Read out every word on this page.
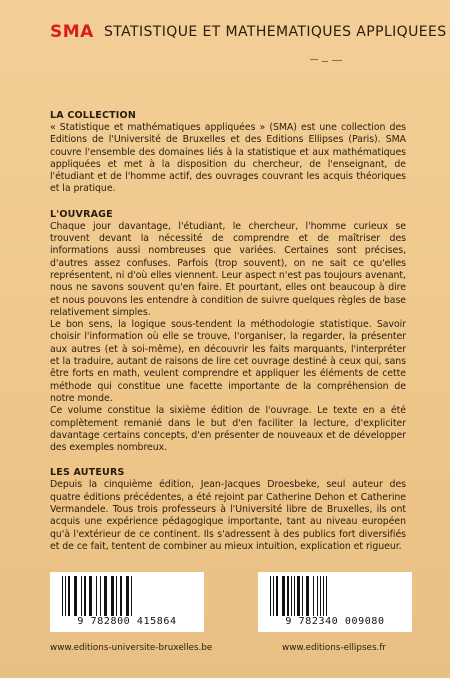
SMA STATISTIQUE ET MATHEMATIQUES APPLIQUEES
LA COLLECTION

« Statistique et mathématiques appliquées » (SMA) est une collection des Editions de l'Université de Bruxelles et des Editions Ellipses (Paris). SMA couvre l'ensemble des domaines liés à la statistique et aux mathématiques appliquées et met à la disposition du chercheur, de l'enseignant, de l'étudiant et de l'homme actif, des ouvrages couvrant les acquis théoriques et la pratique.

L'OUVRAGE

Chaque jour davantage, l'étudiant, le chercheur, l'homme curieux se trouvent devant la nécessité de comprendre et de maîtriser des informations aussi nombreuses que variées. Certaines sont précises, d'autres assez confuses. Parfois (trop souvent), on ne sait ce qu'elles représentent, ni d'où elles viennent. Leur aspect n'est pas toujours avenant, nous ne savons souvent qu'en faire. Et pourtant, elles ont beaucoup à dire et nous pouvons les entendre à condition de suivre quelques règles de base relativement simples.

Le bon sens, la logique sous-tendent la méthodologie statistique. Savoir choisir l'information où elle se trouve, l'organiser, la regarder, la présenter aux autres (et à soi-même), en découvrir les faits marquants, l'interpréter et la traduire, autant de raisons de lire cet ouvrage destiné à ceux qui, sans être forts en math, veulent comprendre et appliquer les éléments de cette méthode qui constitue une facette importante de la compréhension de notre monde.

Ce volume constitue la sixième édition de l'ouvrage. Le texte en a été complètement remanié dans le but d'en faciliter la lecture, d'expliciter davantage certains concepts, d'en présenter de nouveaux et de développer des exemples nombreux.

LES AUTEURS

Depuis la cinquième édition, Jean-Jacques Droesbeke, seul auteur des quatre éditions précédentes, a été rejoint par Catherine Dehon et Catherine Vermandele. Tous trois professeurs à l'Université libre de Bruxelles, ils ont acquis une expérience pédagogique importante, tant au niveau européen qu'à l'extérieur de ce continent. Ils s'adressent à des publics fort diversifiés et de ce fait, tentent de combiner au mieux intuition, explication et rigueur.

9 782800 415864	9 782340 009080
www.editions-universite-bruxelles.be	www.editions-ellipses.fr
